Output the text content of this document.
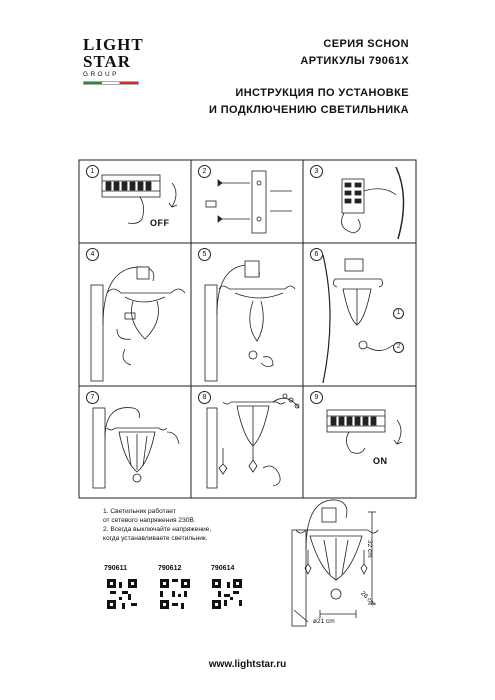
LIGHT
STAR
GROUP
СЕРИЯ SCHON
АРТИКУЛЫ 79061X
ИНСТРУКЦИЯ ПО УСТАНОВКЕ
И ПОДКЛЮЧЕНИЮ СВЕТИЛЬНИКА
1	2	3
4	5	6
7	8	9
OFF
1
2
ON
1. Светильник работает
от сетевого напряжения 230В.
2. Всегда выключайте напряжение,
когда устанавливаете светильник.
790611	790612	790614
32 cm
26 cm
ø21 cm
www.lightstar.ru
